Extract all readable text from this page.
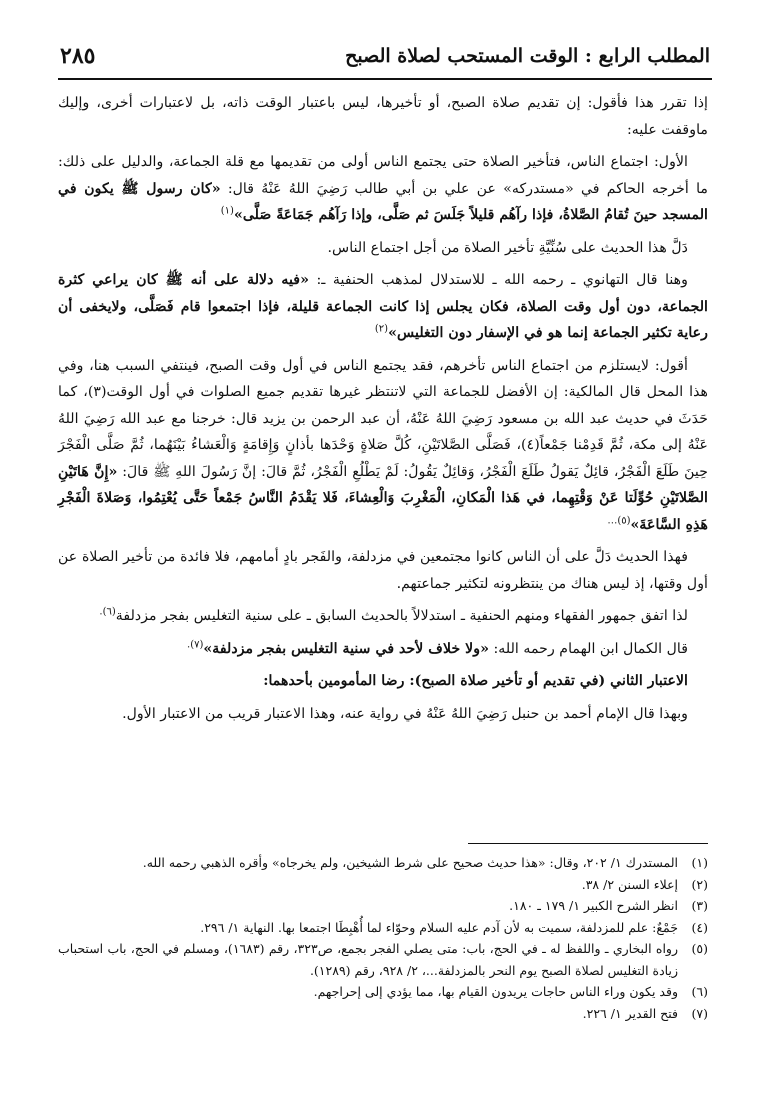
المطلب الرابع : الوقت المستحب لصلاة الصبح
٢٨٥

إذا تقرر هذا فأقول: إن تقديم صلاة الصبح، أو تأخيرها، ليس باعتبار الوقت ذاته، بل لاعتبارات أخرى، وإليك ماوقفت عليه:

الأول: اجتماع الناس، فتأخير الصلاة حتى يجتمع الناس أولى من تقديمها مع قلة الجماعة، والدليل على ذلك: ما أخرجه الحاكم في «مستدركه» عن علي بن أبي طالب رَضِيَ اللهُ عَنْهُ قال: «كان رسول ﷺ يكون في المسجد حينَ تُقامُ الصَّلاةُ، فإذا رآهُم قليلاً جَلَسَ ثم صَلَّى، وإذا رَآهُم جَمَاعَةً صَلَّى»$^{(١)}$

دَلَّ هذا الحديث على سُنِّيَّةِ تأخير الصلاة من أجل اجتماع الناس.

وهنا قال التهانوي ـ رحمه الله ـ للاستدلال لمذهب الحنفية ـ: «فيه دلالة على أنه ﷺ كان يراعي كثرة الجماعة، دون أول وقت الصلاة، فكان يجلس إذا كانت الجماعة قليلة، فإذا اجتمعوا قام فَصَلَّى، ولايخفى أن رعاية تكثير الجماعة إنما هو في الإسفار دون التغليس»$^{(٢)}$

أقول: لايستلزم من اجتماع الناس تأخرهم، فقد يجتمع الناس في أول وقت الصبح، فينتفي السبب هنا، وفي هذا المحل قال المالكية: إن الأفضل للجماعة التي لاتنتظر غيرها تقديم جميع الصلوات في أول الوقت(٣)، كما حَدَثَ في حديث عبد الله بن مسعود رَضِيَ اللهُ عَنْهُ، أن عبد الرحمن بن يزيد قال: خرجنا مع عبد الله رَضِيَ اللهُ عَنْهُ إلى مكة، ثُمَّ قَدِمْنا جَمْعاً(٤)، فَصَلَّى الصَّلاتَيْنِ، كُلَّ صَلاةٍ وَحْدَها بأذانٍ وَإِقامَةٍ وَالْعَشاءُ بَيْنَهُما، ثُمَّ صَلَّى الْفَجْرَ حِينَ طَلَعَ الْفَجْرُ، قائِلٌ يَقولُ طَلَعَ الْفَجْرُ، وَقائِلٌ يَقُولُ: لَمْ يَطْلُعِ الْفَجْرُ، ثُمَّ قالَ: إنَّ رَسُولَ اللهِ ﷺ قالَ: «إِنَّ هَاتَيْنِ الصَّلاتَيْنِ حُوِّلَتا عَنْ وَقْتِهِما، في هَذا الْمَكانِ، الْمَغْرِبَ وَالْعِشاءَ، فَلا يَقْدَمُ النَّاسُ جَمْعاً حَتَّى يُعْتِمُوا، وَصَلاةَ الْفَجْرِ هَذِهِ السَّاعَةَ»$^{(٥)\dots}$

فهذا الحديث دَلَّ على أن الناس كانوا مجتمعين في مزدلفة، والفَجر بادٍ أمامهم، فلا فائدة من تأخير الصلاة عن أول وقتها، إذ ليس هناك من ينتظرونه لتكثير جماعتهم.

لذا اتفق جمهور الفقهاء ومنهم الحنفية ـ استدلالاً بالحديث السابق ـ على سنية التغليس بفجر مزدلفة$^{(٦).}$

قال الكمال ابن الهمام رحمه الله: «ولا خلاف لأحد في سنية التغليس بفجر مزدلفة»$^{(٧).}$

الاعتبار الثاني (في تقديم أو تأخير صلاة الصبح): رضا المأمومين بأحدهما:

وبهذا قال الإمام أحمد بن حنبل رَضِيَ اللهُ عَنْهُ في رواية عنه، وهذا الاعتبار قريب من الاعتبار الأول.

(١)
المستدرك ١/ ٢٠٢، وقال: «هذا حديث صحيح على شرط الشيخين، ولم يخرجاه» وأقره الذهبي رحمه الله.
(٢)
إعلاء السنن ٢/ ٣٨.
(٣)
انظر الشرح الكبير ١/ ١٧٩ ـ ١٨٠.
(٤)
جَمْعٌ: علم للمزدلفة، سميت به لأن آدم عليه السلام وحوّاء لما أُهْبِطَا اجتمعا بها. النهاية ١/ ٢٩٦.
(٥)
رواه البخاري ـ واللفظ له ـ في الحج، باب: متى يصلي الفجر بجمع، ص٣٢٣، رقم (١٦٨٣)، ومسلم في الحج، باب استحباب زيادة التغليس لصلاة الصبح يوم النحر بالمزدلفة...، ٢/ ٩٢٨، رقم (١٢٨٩).
(٦)
وقد يكون وراء الناس حاجات يريدون القيام بها، مما يؤدي إلى إحراجهم.
(٧)
فتح القدير ١/ ٢٢٦.
